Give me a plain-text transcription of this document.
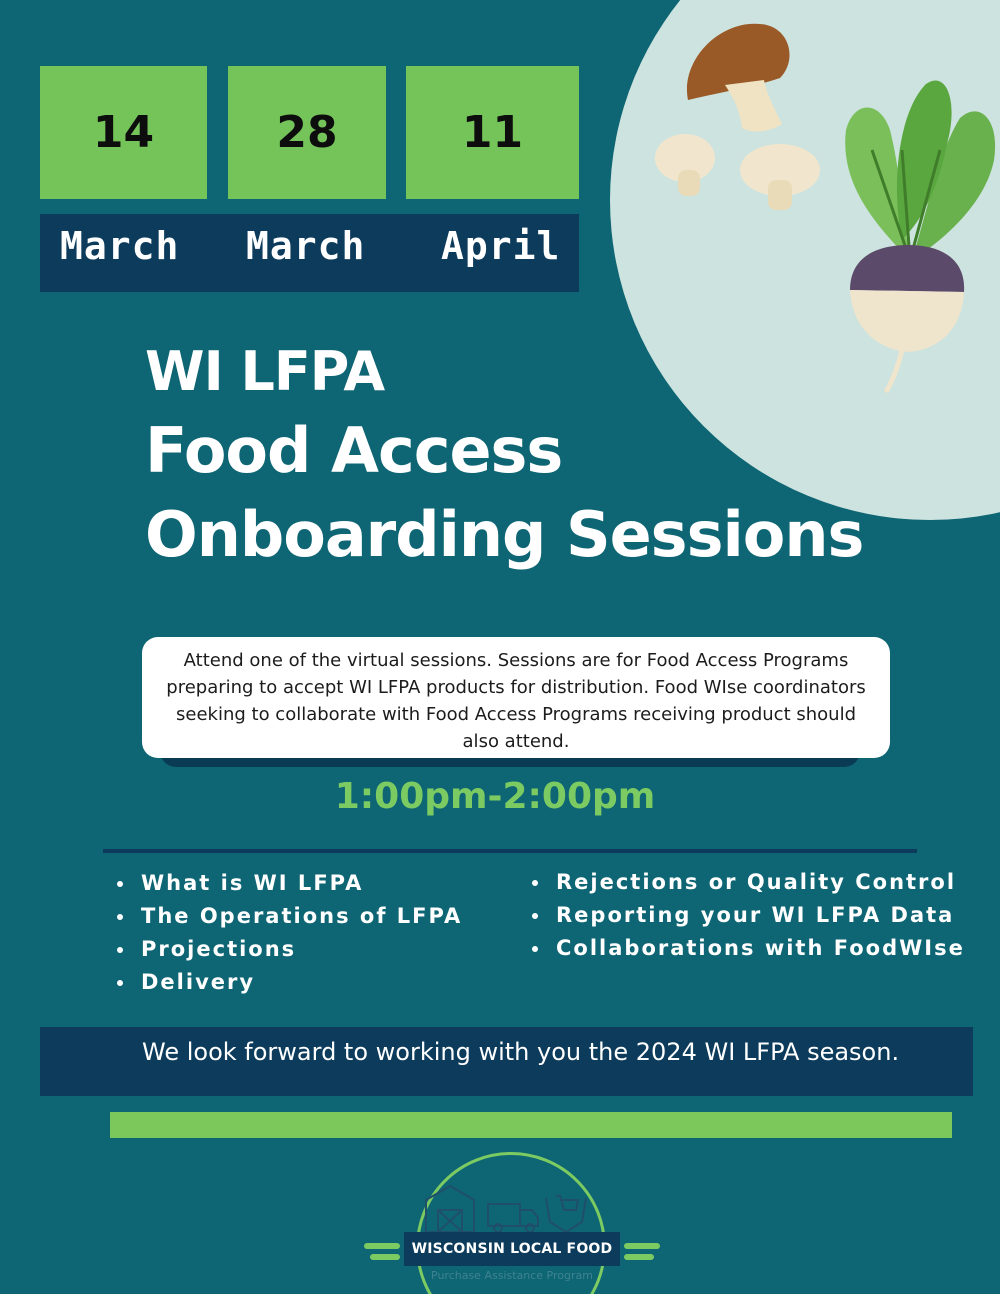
14	28	11
March March April
WI LFPA
Food Access
Onboarding Sessions
Attend one of the virtual sessions. Sessions are for Food Access Programs preparing to accept WI LFPA products for distribution. Food WIse coordinators seeking to collaborate with Food Access Programs receiving product should also attend.
1:00pm-2:00pm
What is WI LFPA
The Operations of LFPA
Projections
Delivery
Rejections or Quality Control
Reporting your WI LFPA Data
Collaborations with FoodWIse
We look forward to working with you the 2024 WI LFPA season.
WISCONSIN LOCAL FOOD
Purchase Assistance Program
